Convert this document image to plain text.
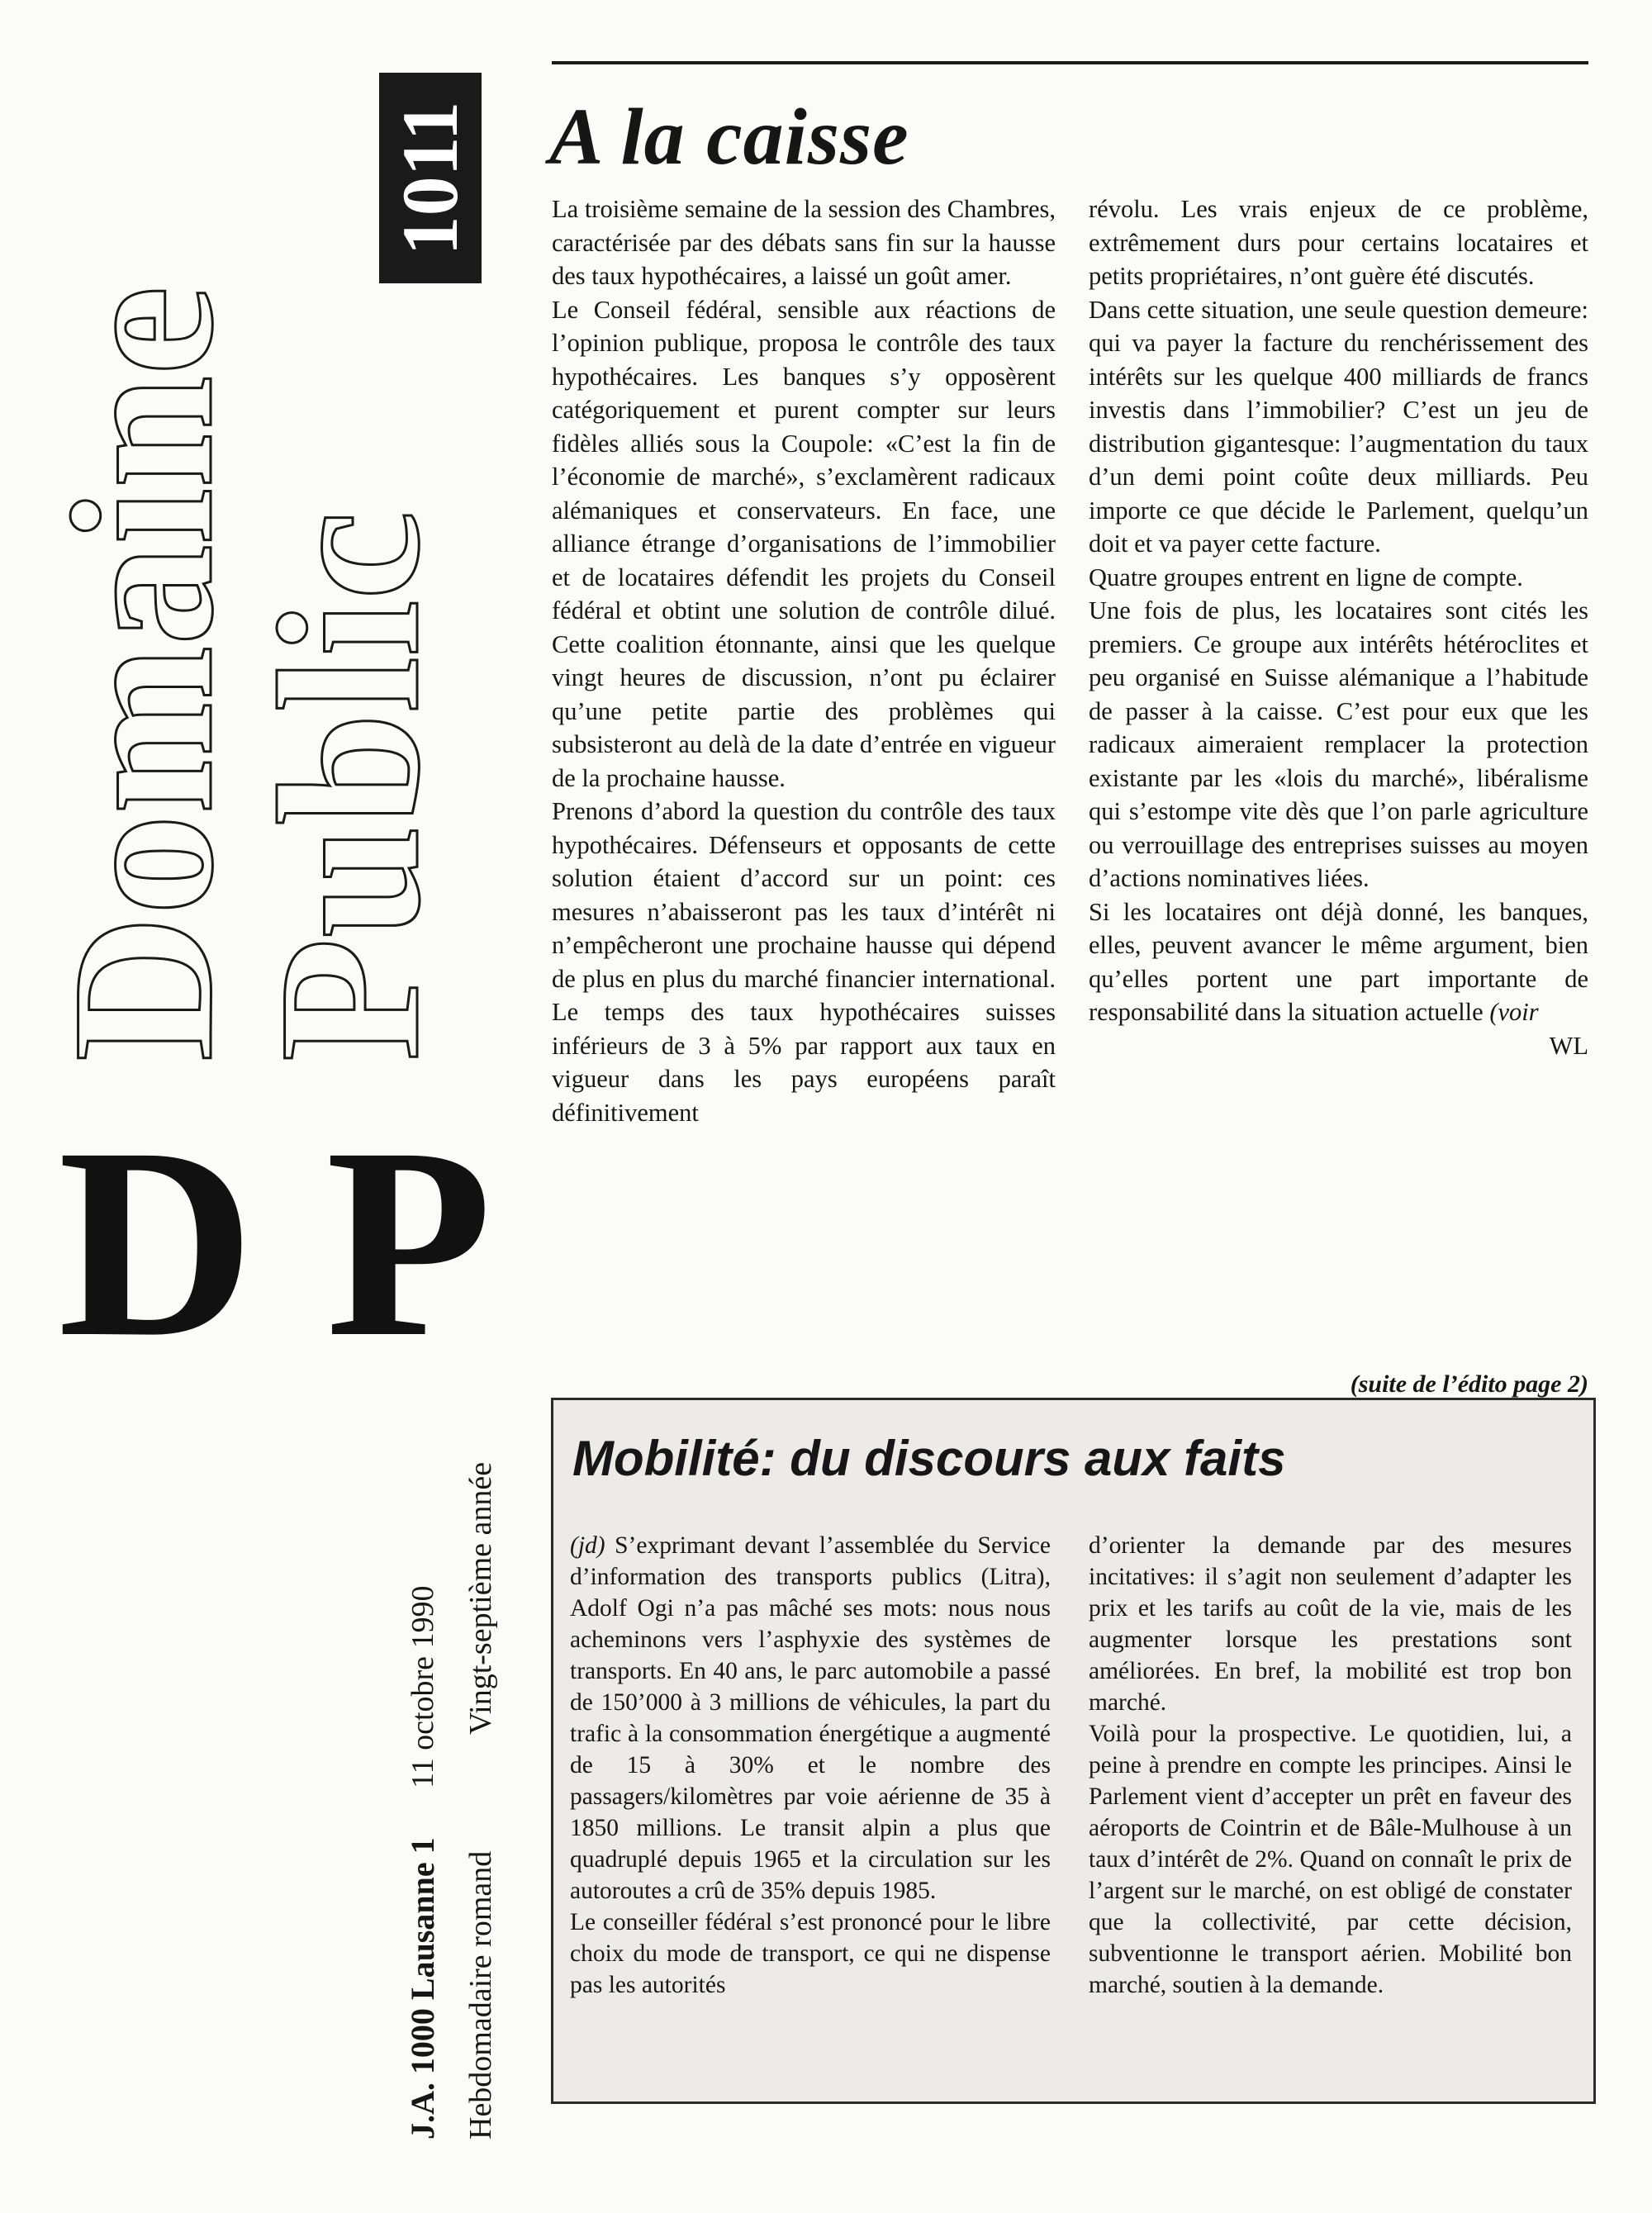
Domaine
Public
1011
D P
J.A. 1000 Lausanne 1
11 octobre 1990
Hebdomadaire romand
Vingt-septième année
A la caisse

La troisième semaine de la session des Chambres, caractérisée par des débats sans fin sur la hausse des taux hypothécaires, a laissé un goût amer.

Le Conseil fédéral, sensible aux réactions de l’opinion publique, proposa le contrôle des taux hypothécaires. Les banques s’y opposèrent catégoriquement et purent compter sur leurs fidèles alliés sous la Coupole: «C’est la fin de l’économie de marché», s’exclamèrent radicaux alémaniques et conservateurs. En face, une alliance étrange d’organisations de l’immobilier et de locataires défendit les projets du Conseil fédéral et obtint une solution de contrôle dilué. Cette coalition étonnante, ainsi que les quelque vingt heures de discussion, n’ont pu éclairer qu’une petite partie des problèmes qui subsisteront au delà de la date d’entrée en vigueur de la prochaine hausse.

Prenons d’abord la question du contrôle des taux hypothécaires. Défenseurs et opposants de cette solution étaient d’accord sur un point: ces mesures n’abaisseront pas les taux d’intérêt ni n’empêcheront une prochaine hausse qui dépend de plus en plus du marché financier international. Le temps des taux hypothécaires suisses inférieurs de 3 à 5% par rapport aux taux en vigueur dans les pays européens paraît définitivement

révolu. Les vrais enjeux de ce problème, extrêmement durs pour certains locataires et petits propriétaires, n’ont guère été discutés.

Dans cette situation, une seule question demeure: qui va payer la facture du renchérissement des intérêts sur les quelque 400 milliards de francs investis dans l’immobilier? C’est un jeu de distribution gigantesque: l’augmentation du taux d’un demi point coûte deux milliards. Peu importe ce que décide le Parlement, quelqu’un doit et va payer cette facture.

Quatre groupes entrent en ligne de compte.

Une fois de plus, les locataires sont cités les premiers. Ce groupe aux intérêts hétéroclites et peu organisé en Suisse alémanique a l’habitude de passer à la caisse. C’est pour eux que les radicaux aimeraient remplacer la protection existante par les «lois du marché», libéralisme qui s’estompe vite dès que l’on parle agriculture ou verrouillage des entreprises suisses au moyen d’actions nominatives liées.

Si les locataires ont déjà donné, les banques, elles, peuvent avancer le même argument, bien qu’elles portent une part importante de responsabilité dans la situation actuelle (voir

WL

(suite de l’édito page 2)
Mobilité: du discours aux faits

(jd) S’exprimant devant l’assemblée du Service d’information des transports publics (Litra), Adolf Ogi n’a pas mâché ses mots: nous nous acheminons vers l’asphyxie des systèmes de transports. En 40 ans, le parc automobile a passé de 150’000 à 3 millions de véhicules, la part du trafic à la consommation énergétique a augmenté de 15 à 30% et le nombre des passagers/kilomètres par voie aérienne de 35 à 1850 millions. Le transit alpin a plus que quadruplé depuis 1965 et la circulation sur les autoroutes a crû de 35% depuis 1985.

Le conseiller fédéral s’est prononcé pour le libre choix du mode de transport, ce qui ne dispense pas les autorités

d’orienter la demande par des mesures incitatives: il s’agit non seulement d’adapter les prix et les tarifs au coût de la vie, mais de les augmenter lorsque les prestations sont améliorées. En bref, la mobilité est trop bon marché.

Voilà pour la prospective. Le quotidien, lui, a peine à prendre en compte les principes. Ainsi le Parlement vient d’accepter un prêt en faveur des aéroports de Cointrin et de Bâle-Mulhouse à un taux d’intérêt de 2%. Quand on connaît le prix de l’argent sur le marché, on est obligé de constater que la collectivité, par cette décision, subventionne le transport aérien. Mobilité bon marché, soutien à la demande.
